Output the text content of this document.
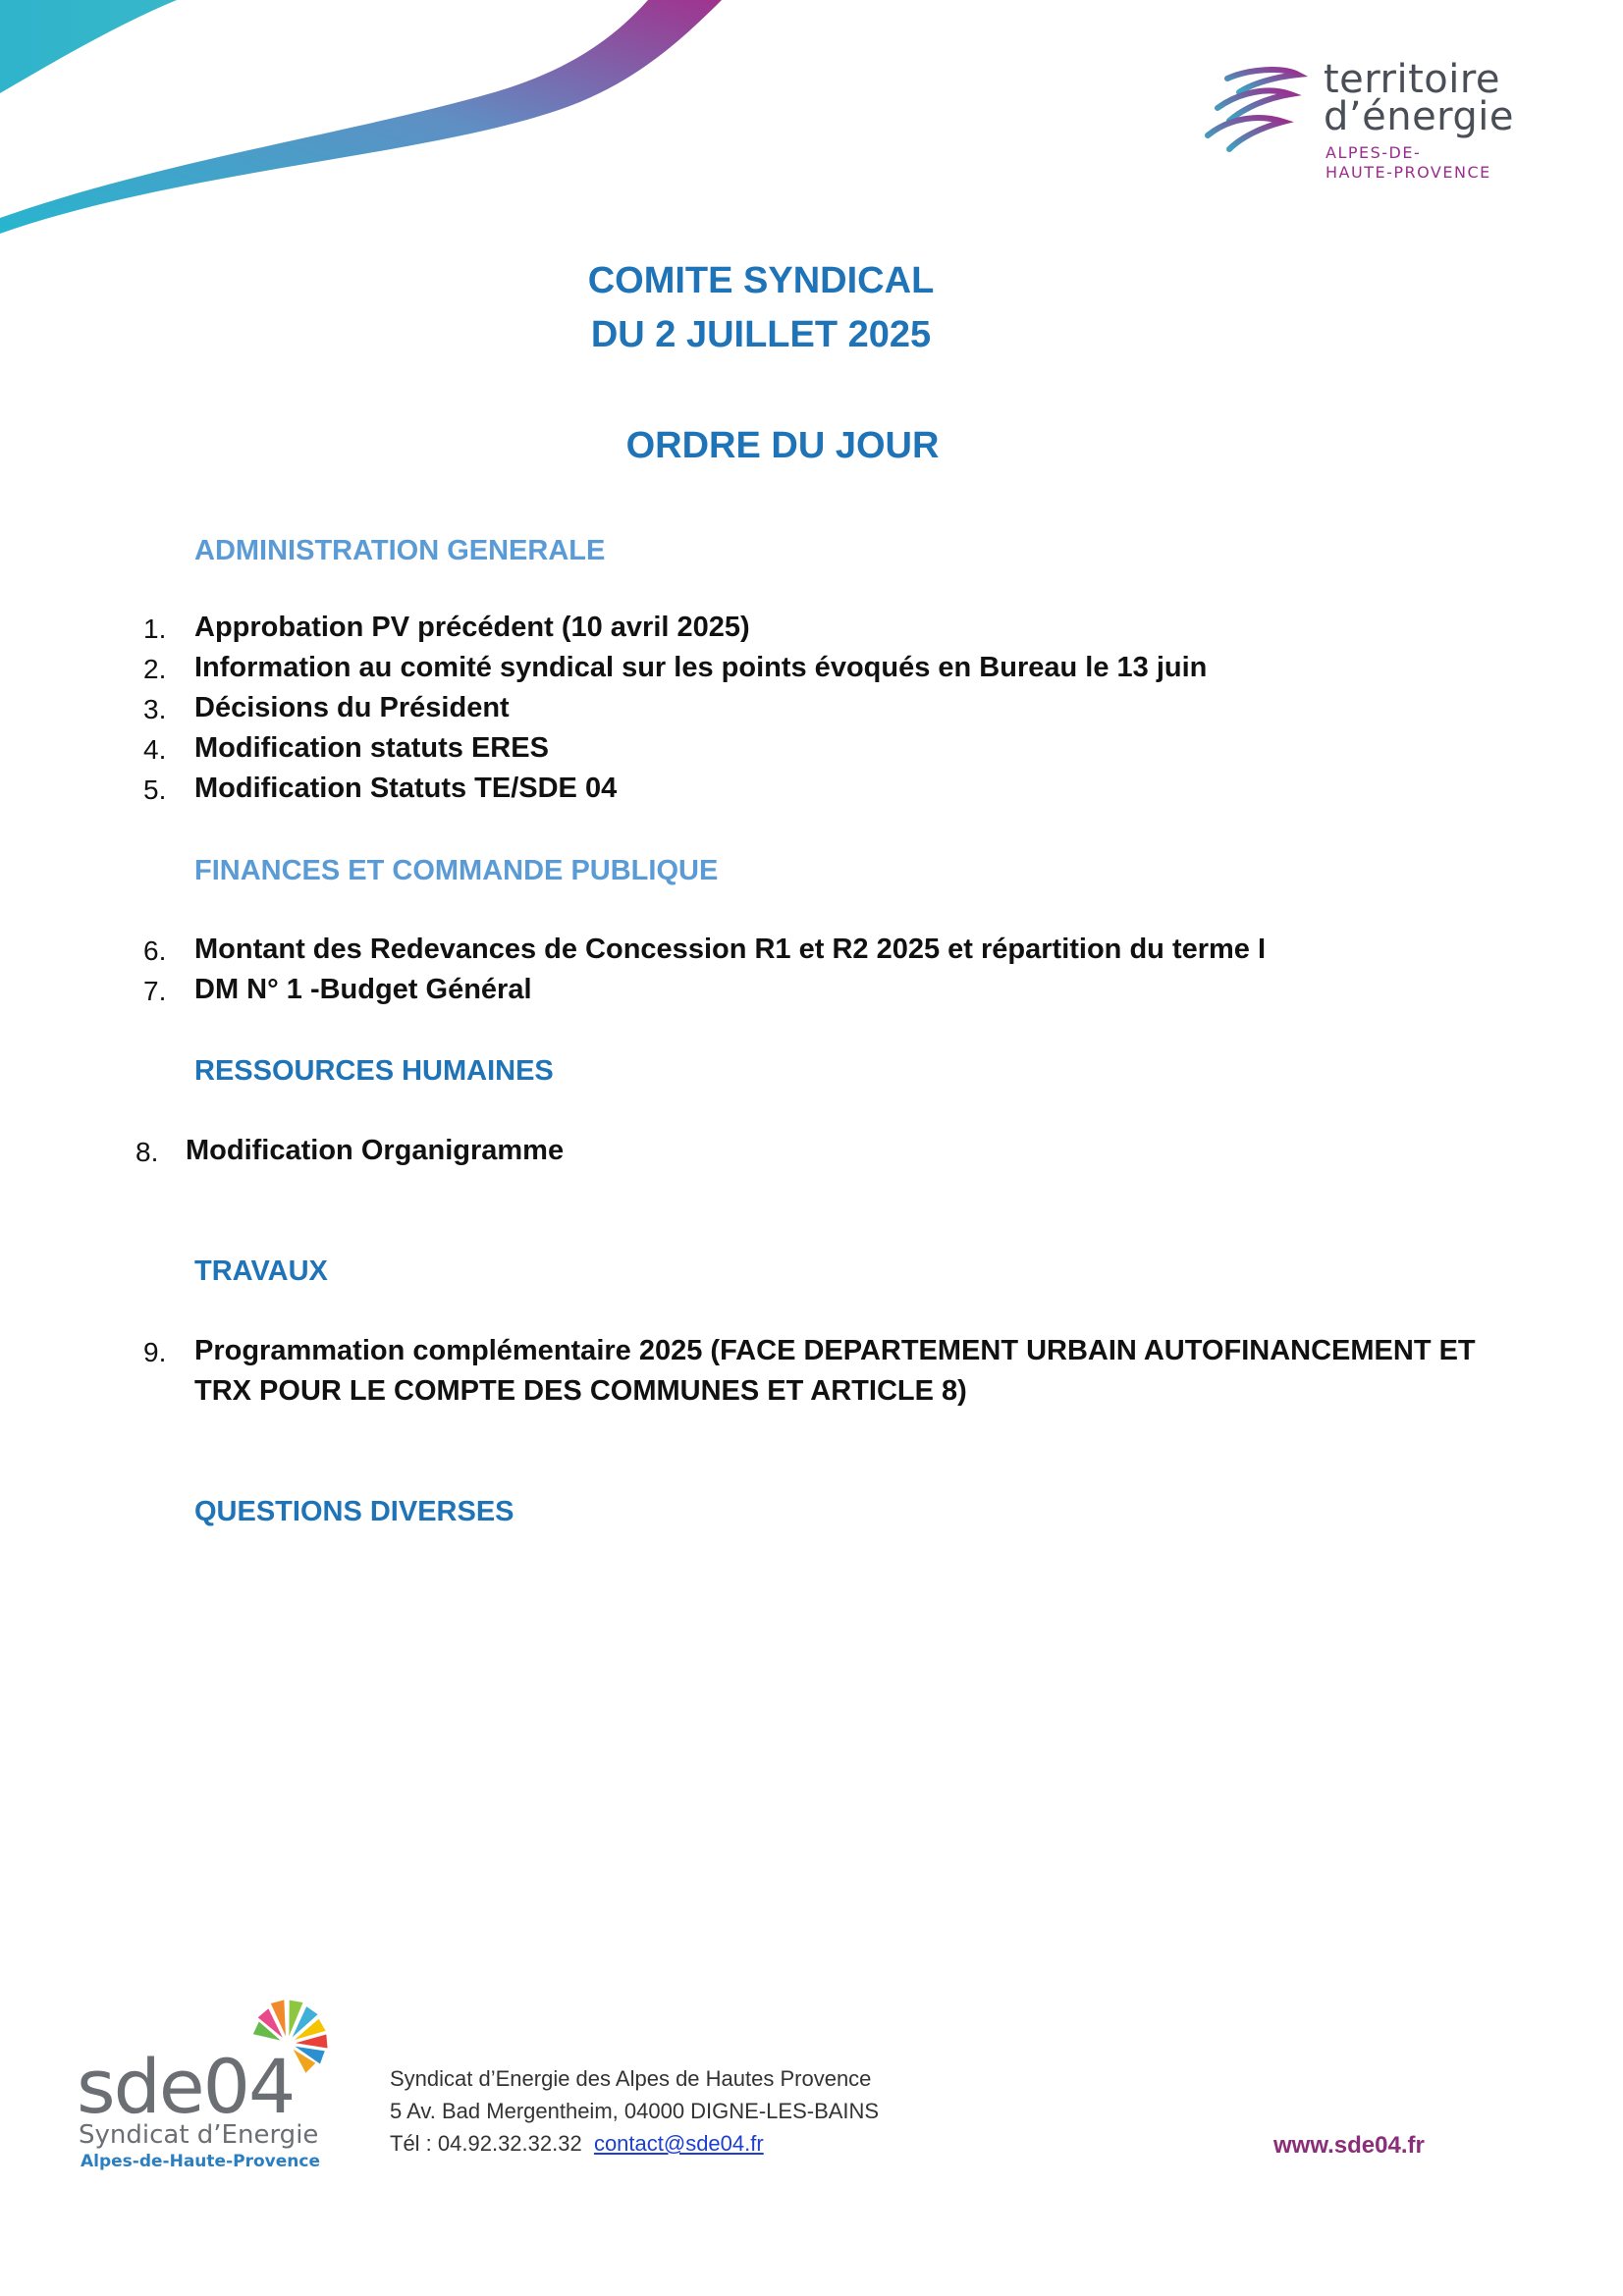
territoire
d’énergie
ALPES-DE-
HAUTE-PROVENCE
COMITE SYNDICAL
DU 2 JUILLET 2025
ORDRE DU JOUR
ADMINISTRATION GENERALE
1. Approbation PV précédent (10 avril 2025)
2. Information au comité syndical sur les points évoqués en Bureau le 13 juin
3. Décisions du Président
4. Modification statuts ERES
5. Modification Statuts TE/SDE 04
FINANCES ET COMMANDE PUBLIQUE
6. Montant des Redevances de Concession R1 et R2 2025 et répartition du terme I
7. DM N° 1 -Budget Général
RESSOURCES HUMAINES
8. Modification Organigramme
TRAVAUX
9. Programmation complémentaire 2025 (FACE DEPARTEMENT URBAIN AUTOFINANCEMENT ET
TRX POUR LE COMPTE DES COMMUNES ET ARTICLE 8)
QUESTIONS DIVERSES
sde04
Syndicat d’Energie
Alpes-de-Haute-Provence
Syndicat d’Energie des Alpes de Hautes Provence
5 Av. Bad Mergentheim, 04000 DIGNE-LES-BAINS
Tél : 04.92.32.32.32 contact@sde04.fr	www.sde04.fr
